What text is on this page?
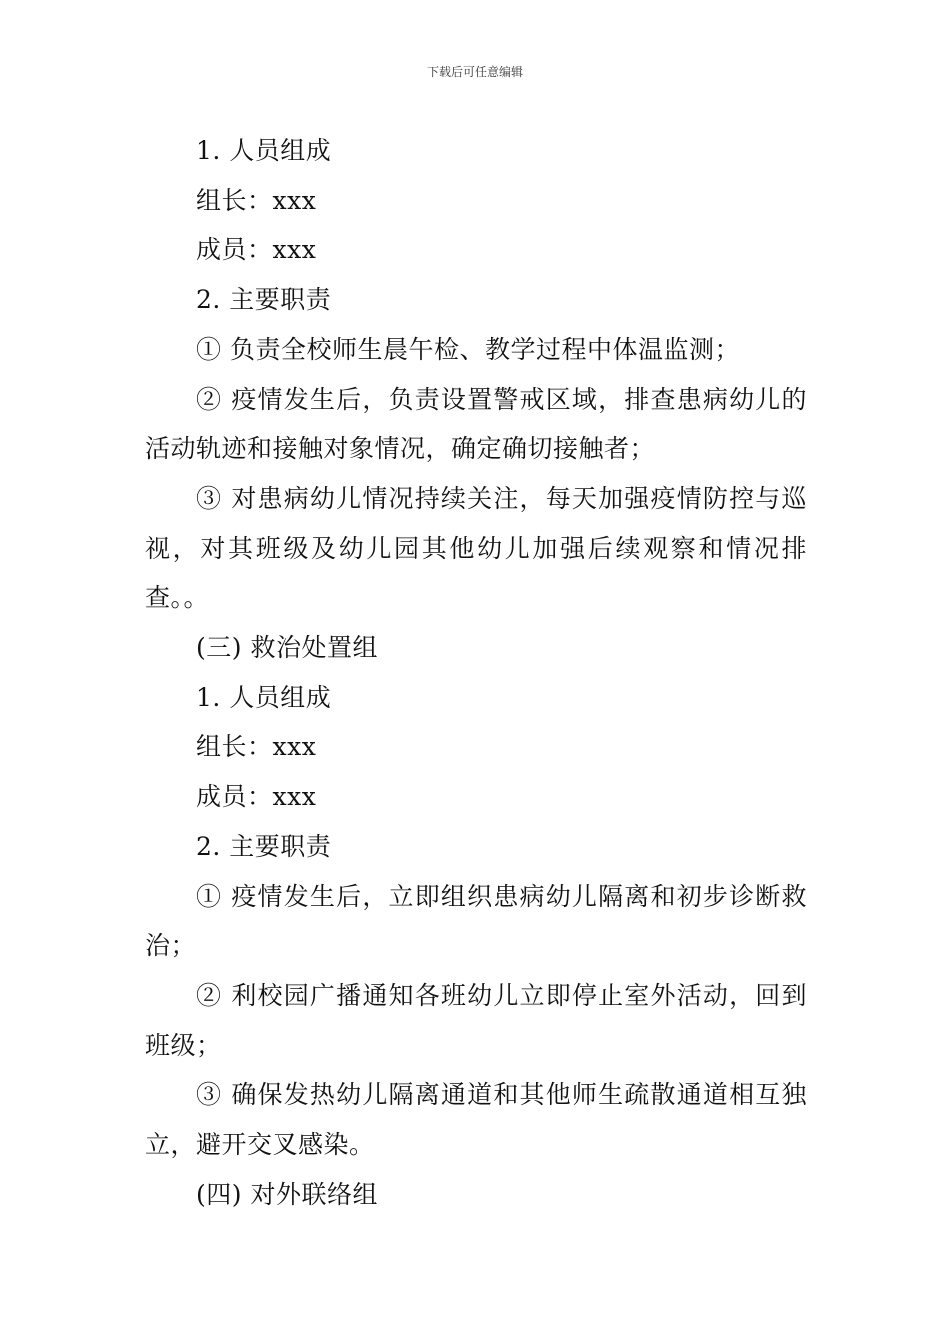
下载后可任意编辑

1. 人员组成

组长：xxx

成员：xxx

2. 主要职责

① 负责全校师生晨午检、教学过程中体温监测；

② 疫情发生后，负责设置警戒区域，排查患病幼儿的活动轨迹和接触对象情况，确定确切接触者；

③ 对患病幼儿情况持续关注，每天加强疫情防控与巡视，对其班级及幼儿园其他幼儿加强后续观察和情况排查。。

(三) 救治处置组

1. 人员组成

组长：xxx

成员：xxx

2. 主要职责

① 疫情发生后，立即组织患病幼儿隔离和初步诊断救治；

② 利校园广播通知各班幼儿立即停止室外活动，回到班级；

③ 确保发热幼儿隔离通道和其他师生疏散通道相互独立，避开交叉感染。

(四) 对外联络组
